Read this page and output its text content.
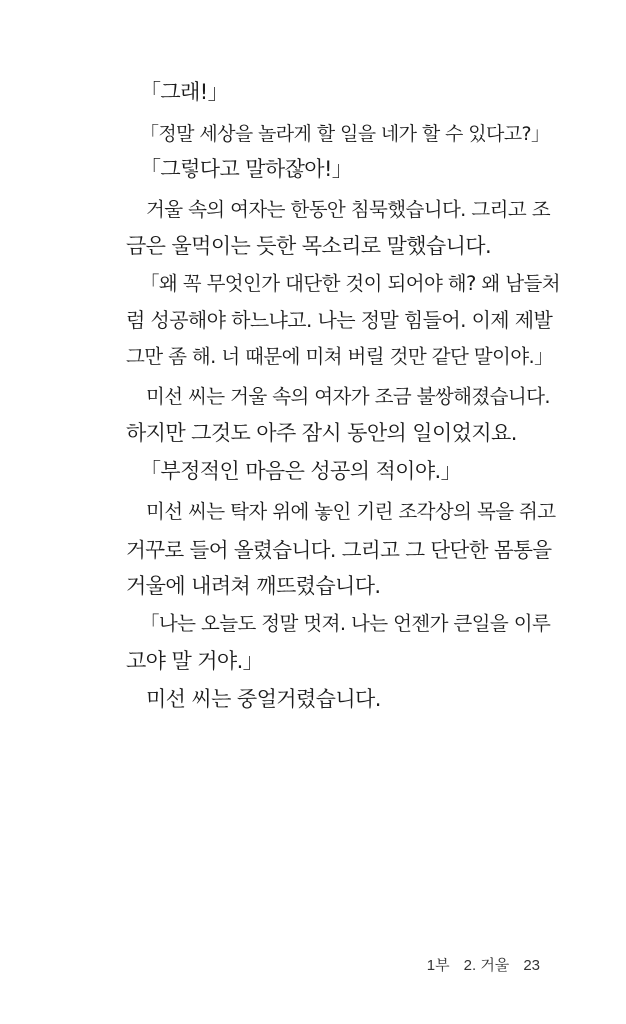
「그래!」
「정말 세상을 놀라게 할 일을 네가 할 수 있다고?」
「그렇다고 말하잖아!」
거울 속의 여자는 한동안 침묵했습니다. 그리고 조
금은 울먹이는 듯한 목소리로 말했습니다.
「왜 꼭 무엇인가 대단한 것이 되어야 해? 왜 남들처
럼 성공해야 하느냐고. 나는 정말 힘들어. 이제 제발
그만 좀 해. 너 때문에 미쳐 버릴 것만 같단 말이야.」
미선 씨는 거울 속의 여자가 조금 불쌍해졌습니다.
하지만 그것도 아주 잠시 동안의 일이었지요.
「부정적인 마음은 성공의 적이야.」
미선 씨는 탁자 위에 놓인 기린 조각상의 목을 쥐고
거꾸로 들어 올렸습니다. 그리고 그 단단한 몸통을
거울에 내려쳐 깨뜨렸습니다.
「나는 오늘도 정말 멋져. 나는 언젠가 큰일을 이루
고야 말 거야.」
미선 씨는 중얼거렸습니다.

1부 2. 거울 23
